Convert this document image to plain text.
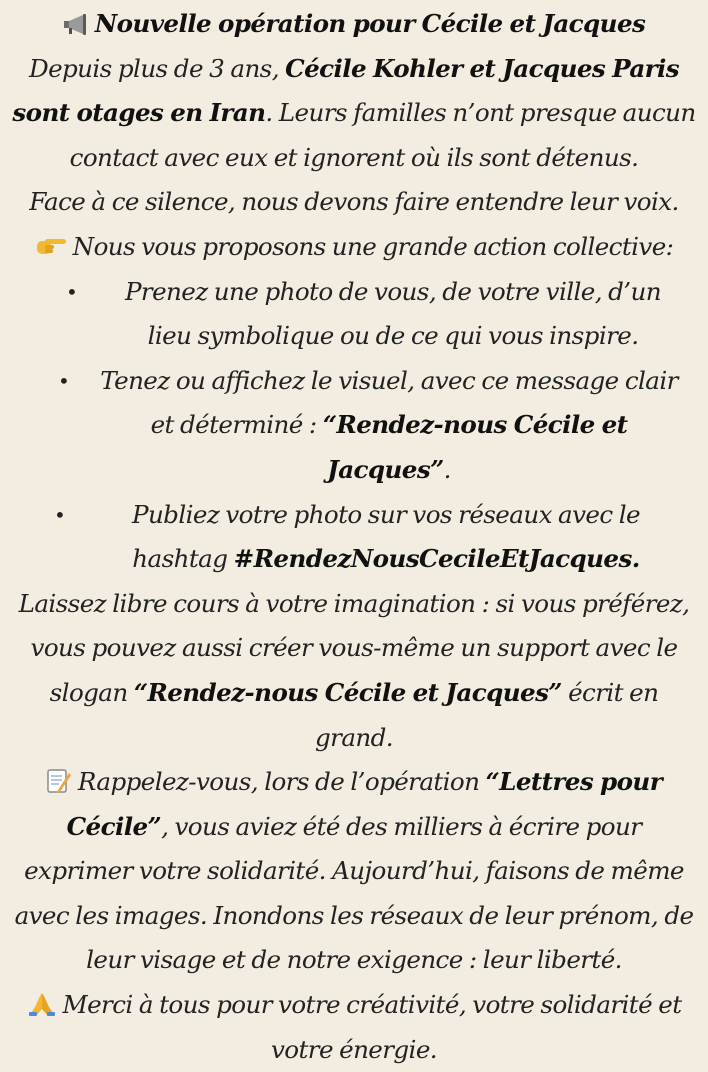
Nouvelle opération pour Cécile et Jacques

Depuis plus de 3 ans, Cécile Kohler et Jacques Paris sont otages en Iran. Leurs familles n’ont presque aucun contact avec eux et ignorent où ils sont détenus.

Face à ce silence, nous devons faire entendre leur voix.

Nous vous proposons une grande action collective:

• Prenez une photo de vous, de votre ville, d’un lieu symbolique ou de ce qui vous inspire.
• Tenez ou affichez le visuel, avec ce message clair et déterminé : “Rendez-nous Cécile et Jacques”.
•	Publiez votre photo sur vos réseaux avec le hashtag #RendezNousCecileEtJacques.

Laissez libre cours à votre imagination : si vous préférez, vous pouvez aussi créer vous-même un support avec le slogan “Rendez-nous Cécile et Jacques” écrit en grand.

Rappelez-vous, lors de l’opération “Lettres pour Cécile”, vous aviez été des milliers à écrire pour exprimer votre solidarité. Aujourd’hui, faisons de même avec les images. Inondons les réseaux de leur prénom, de leur visage et de notre exigence : leur liberté.

Merci à tous pour votre créativité, votre solidarité et votre énergie.
